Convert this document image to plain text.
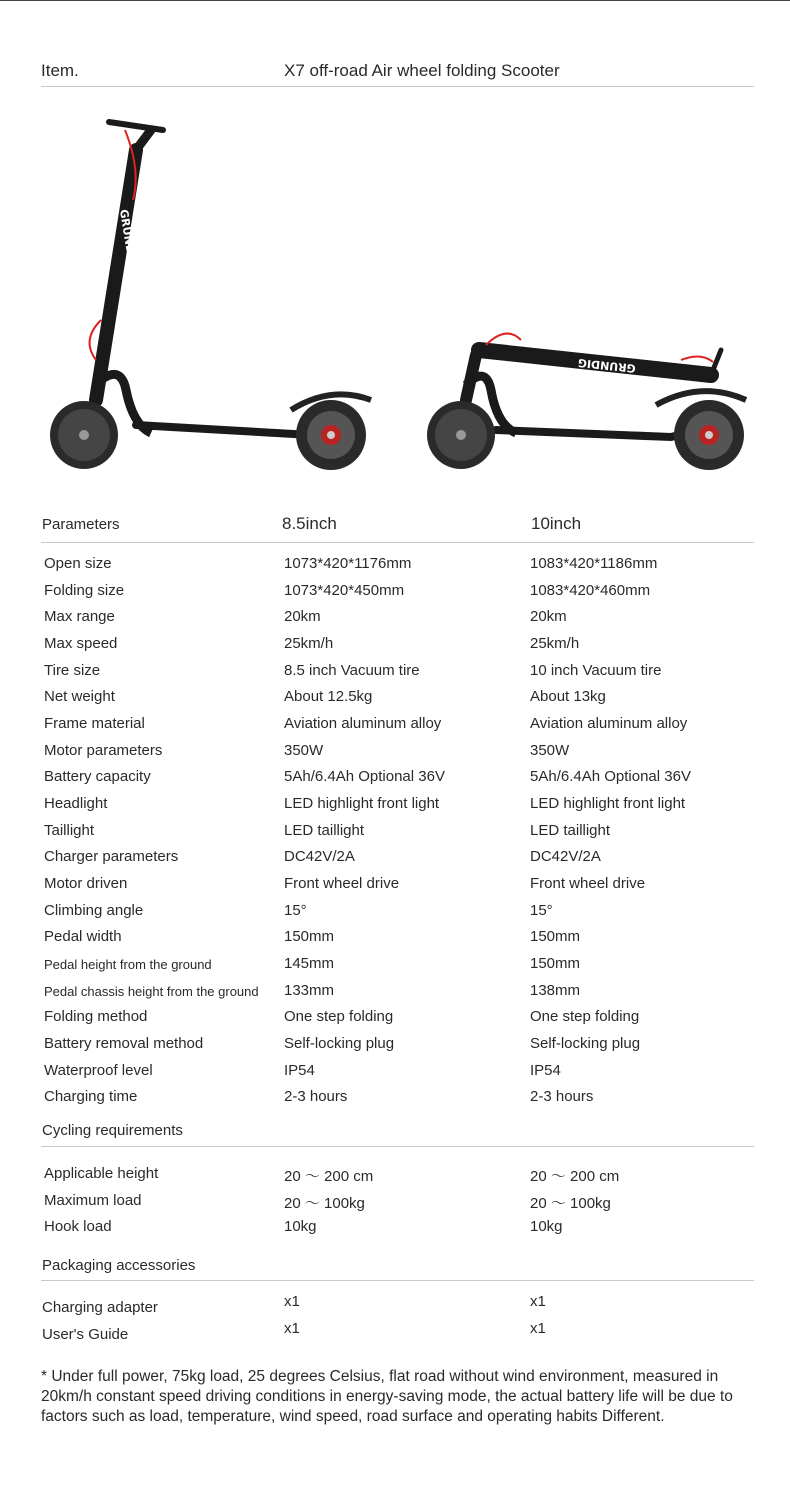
Item.	X7 off-road Air wheel folding Scooter
GRUNDIG
GRUNDIG
Parameters	8.5inch	10inch
Open size	1073*420*1176mm	1083*420*1186mm
Folding size	1073*420*450mm	1083*420*460mm
Max range	20km	20km
Max speed	25km/h	25km/h
Tire size	8.5 inch Vacuum tire	10 inch Vacuum tire
Net weight	About 12.5kg	About 13kg
Frame material	Aviation aluminum alloy	Aviation aluminum alloy
Motor parameters	350W	350W
Battery capacity	5Ah/6.4Ah Optional 36V	5Ah/6.4Ah Optional 36V
Headlight	LED highlight front light	LED highlight front light
Taillight	LED taillight	LED taillight
Charger parameters	DC42V/2A	DC42V/2A
Motor driven	Front wheel drive	Front wheel drive
Climbing angle	15°	15°
Pedal width	150mm	150mm
Pedal height from the ground	145mm	150mm
Pedal chassis height from the ground 133mm	138mm
Folding method	One step folding	One step folding
Battery removal method	Self-locking plug	Self-locking plug
Waterproof level	IP54	IP54
Charging time	2-3 hours	2-3 hours
Cycling requirements
Applicable height	20 ～ 200 cm	20 ～ 200 cm
Maximum load	20 ～ 100kg	20 ～ 100kg
Hook load	10kg	10kg
Packaging accessories
Charging adapter	x1	x1
User's Guide	x1	x1
* Under full power, 75kg load, 25 degrees Celsius, flat road without wind environment, measured in 20km/h constant speed driving conditions in energy-saving mode, the actual battery life will be due to factors such as load, temperature, wind speed, road surface and operating habits Different.
